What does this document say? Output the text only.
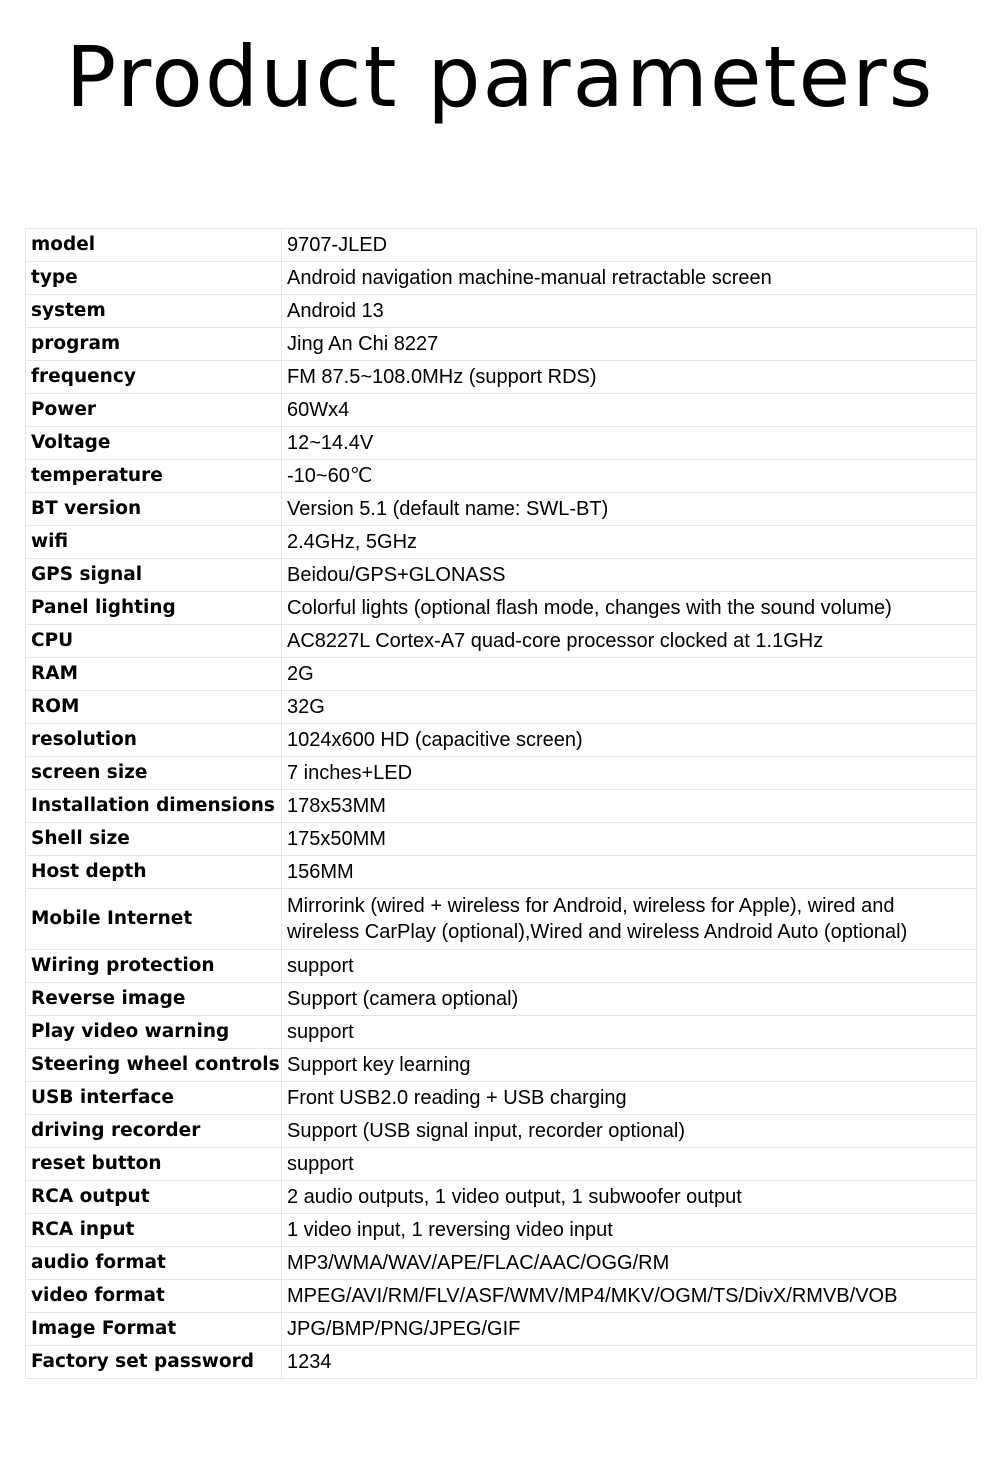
Product parameters
model	9707-JLED
type	Android navigation machine-manual retractable screen
system	Android 13
program	Jing An Chi 8227
frequency	FM 87.5~108.0MHz (support RDS)
Power	60Wx4
Voltage	12~14.4V
temperature	-10~60℃
BT version	Version 5.1 (default name: SWL-BT)
wifi	2.4GHz, 5GHz
GPS signal	Beidou/GPS+GLONASS
Panel lighting	Colorful lights (optional flash mode, changes with the sound volume)
CPU	AC8227L Cortex-A7 quad-core processor clocked at 1.1GHz
RAM	2G
ROM	32G
resolution	1024x600 HD (capacitive screen)
screen size	7 inches+LED
Installation dimensions	178x53MM
Shell size	175x50MM
Host depth	156MM
Mobile Internet	Mirrorink (wired + wireless for Android, wireless for Apple), wired and wireless CarPlay (optional),Wired and wireless Android Auto (optional)
Wiring protection	support
Reverse image	Support (camera optional)
Play video warning	support
Steering wheel controls	Support key learning
USB interface	Front USB2.0 reading + USB charging
driving recorder	Support (USB signal input, recorder optional)
reset button	support
RCA output	2 audio outputs, 1 video output, 1 subwoofer output
RCA input	1 video input, 1 reversing video input
audio format	MP3/WMA/WAV/APE/FLAC/AAC/OGG/RM
video format	MPEG/AVI/RM/FLV/ASF/WMV/MP4/MKV/OGM/TS/DivX/RMVB/VOB
Image Format	JPG/BMP/PNG/JPEG/GIF
Factory set password	1234
